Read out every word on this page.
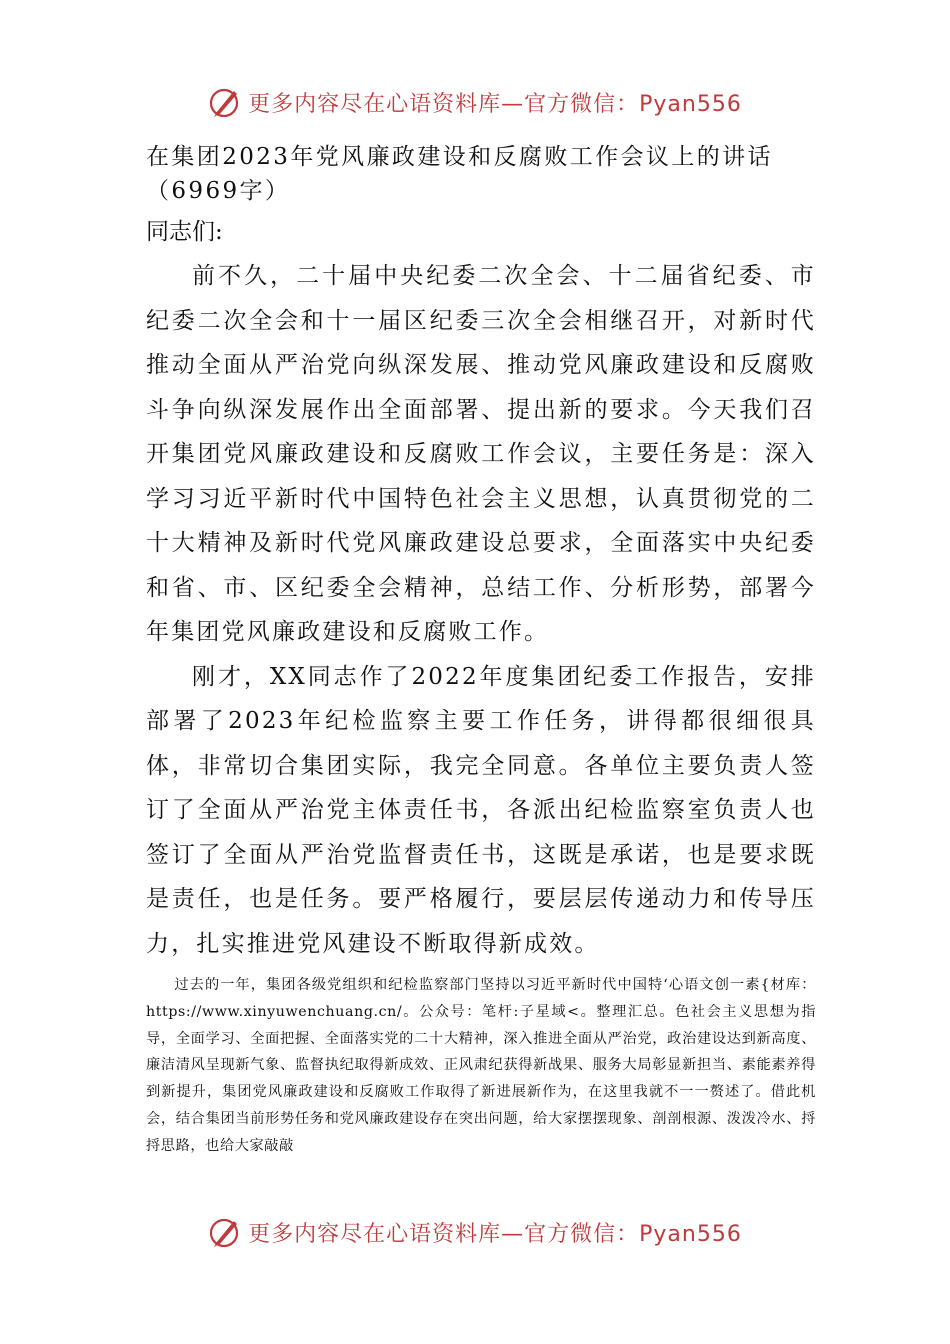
更多内容尽在心语资料库—官方微信：Pyan556

在集团2023年党风廉政建设和反腐败工作会议上的讲话（6969字）

同志们:

前不久，二十届中央纪委二次全会、十二届省纪委、市纪委二次全会和十一届区纪委三次全会相继召开，对新时代推动全面从严治党向纵深发展、推动党风廉政建设和反腐败斗争向纵深发展作出全面部署、提出新的要求。今天我们召开集团党风廉政建设和反腐败工作会议，主要任务是：深入学习习近平新时代中国特色社会主义思想，认真贯彻党的二十大精神及新时代党风廉政建设总要求，全面落实中央纪委和省、市、区纪委全会精神，总结工作、分析形势，部署今年集团党风廉政建设和反腐败工作。

刚才，XX同志作了2022年度集团纪委工作报告，安排部署了2023年纪检监察主要工作任务，讲得都很细很具体，非常切合集团实际，我完全同意。各单位主要负责人签订了全面从严治党主体责任书，各派出纪检监察室负责人也签订了全面从严治党监督责任书，这既是承诺，也是要求既是责任，也是任务。要严格履行，要层层传递动力和传导压力，扎实推进党风建设不断取得新成效。

过去的一年，集团各级党组织和纪检监察部门坚持以习近平新时代中国特‘心语文创一素{材库：https://www.xinyuwenchuang.cn/。公众号：笔杆:子星域<。整理汇总。色社会主义思想为指导，全面学习、全面把握、全面落实党的二十大精神，深入推进全面从严治党，政治建设达到新高度、廉洁清风呈现新气象、监督执纪取得新成效、正风肃纪获得新战果、服务大局彰显新担当、素能素养得到新提升，集团党风廉政建设和反腐败工作取得了新进展新作为，在这里我就不一一赘述了。借此机会，结合集团当前形势任务和党风廉政建设存在突出问题，给大家摆摆现象、剖剖根源、泼泼冷水、捋捋思路，也给大家敲敲

更多内容尽在心语资料库—官方微信：Pyan556
